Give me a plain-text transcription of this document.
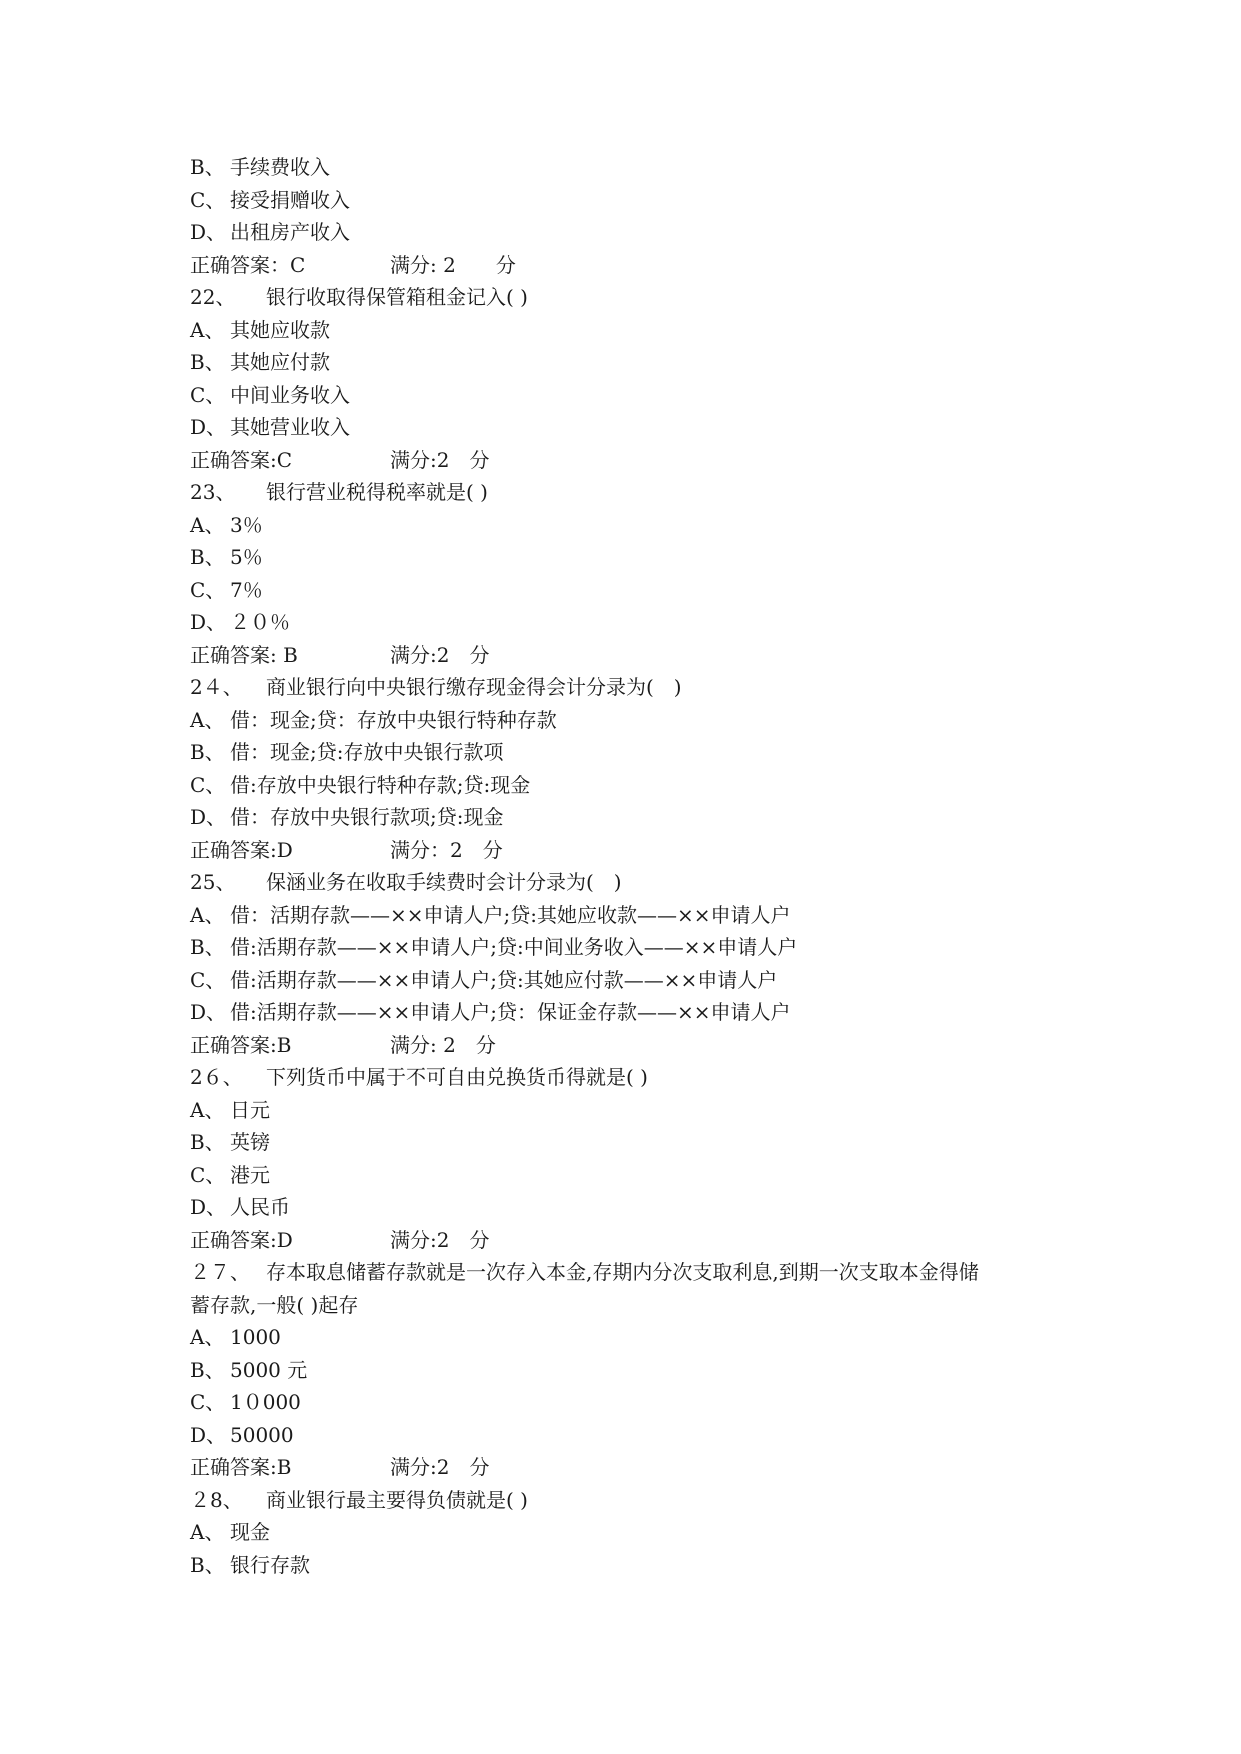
B、 手续费收入
C、 接受捐赠收入
D、 出租房产收入
正确答案：C	满分: 2　　分
22、 银行收取得保管箱租金记入( )
A、 其她应收款
B、 其她应付款
C、 中间业务收入
D、 其她营业收入
正确答案:C	满分:2　分
23、 银行营业税得税率就是( )
A、 3％
B、 5％
C、 7％
D、 ２０％
正确答案: B	满分:2　分
2４、 商业银行向中央银行缴存现金得会计分录为(　)
A、 借：现金;贷：存放中央银行特种存款
B、 借：现金;贷:存放中央银行款项
C、 借:存放中央银行特种存款;贷:现金
D、 借：存放中央银行款项;贷:现金
正确答案:D	满分：2　分
25、 保涵业务在收取手续费时会计分录为(　)
A、 借：活期存款——××申请人户;贷:其她应收款——××申请人户
B、 借:活期存款——××申请人户;贷:中间业务收入——××申请人户
C、 借:活期存款——××申请人户;贷:其她应付款——××申请人户
D、 借:活期存款——××申请人户;贷：保证金存款——××申请人户
正确答案:B	满分: 2　分
2６、 下列货币中属于不可自由兑换货币得就是( )
A、 日元
B、 英镑
C、 港元
D、 人民币
正确答案:D	满分:2　分
２７、 存本取息储蓄存款就是一次存入本金,存期内分次支取利息,到期一次支取本金得储
蓄存款,一般( )起存
A、 1000
B、 5000 元
C、 1０000
D、 50000
正确答案:B	满分:2　分
２8、 商业银行最主要得负债就是( )
A、 现金
B、 银行存款
